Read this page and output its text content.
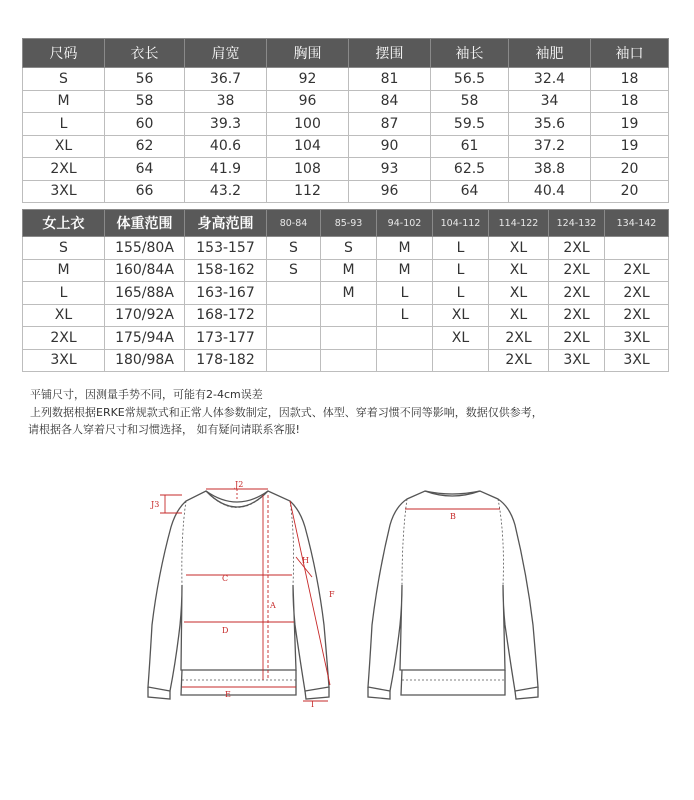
尺码	衣长	肩宽	胸围	摆围	袖长	袖肥	袖口
S	56	36.7	92	81	56.5	32.4	18
M	58	38	96	84	58	34	18
L	60	39.3	100	87	59.5	35.6	19
XL	62	40.6	104	90	61	37.2	19
2XL	64	41.9	108	93	62.5	38.8	20
3XL	66	43.2	112	96	64	40.4	20
女上衣	体重范围	身高范围	80-84	85-93	94-102	104-112	114-122	124-132	134-142
S	155/80A	153-157	S	S	M	L	XL	2XL	
M	160/84A	158-162	S	M	M	L	XL	2XL	2XL
L	165/88A	163-167		M	L	L	XL	2XL	2XL
XL	170/92A	168-172			L	XL	XL	2XL	2XL
2XL	175/94A	173-177				XL	2XL	2XL	3XL
3XL	180/98A	178-182					2XL	3XL	3XL
平铺尺寸，因测量手势不同，可能有2-4cm误差
上列数据根据ERKE常规款式和正常人体参数制定，因款式、体型、穿着习惯不同等影响，数据仅供参考，
请根据各人穿着尺寸和习惯选择， 如有疑问请联系客服!
J2
J3
C
A
D
E
H
F
I
B
